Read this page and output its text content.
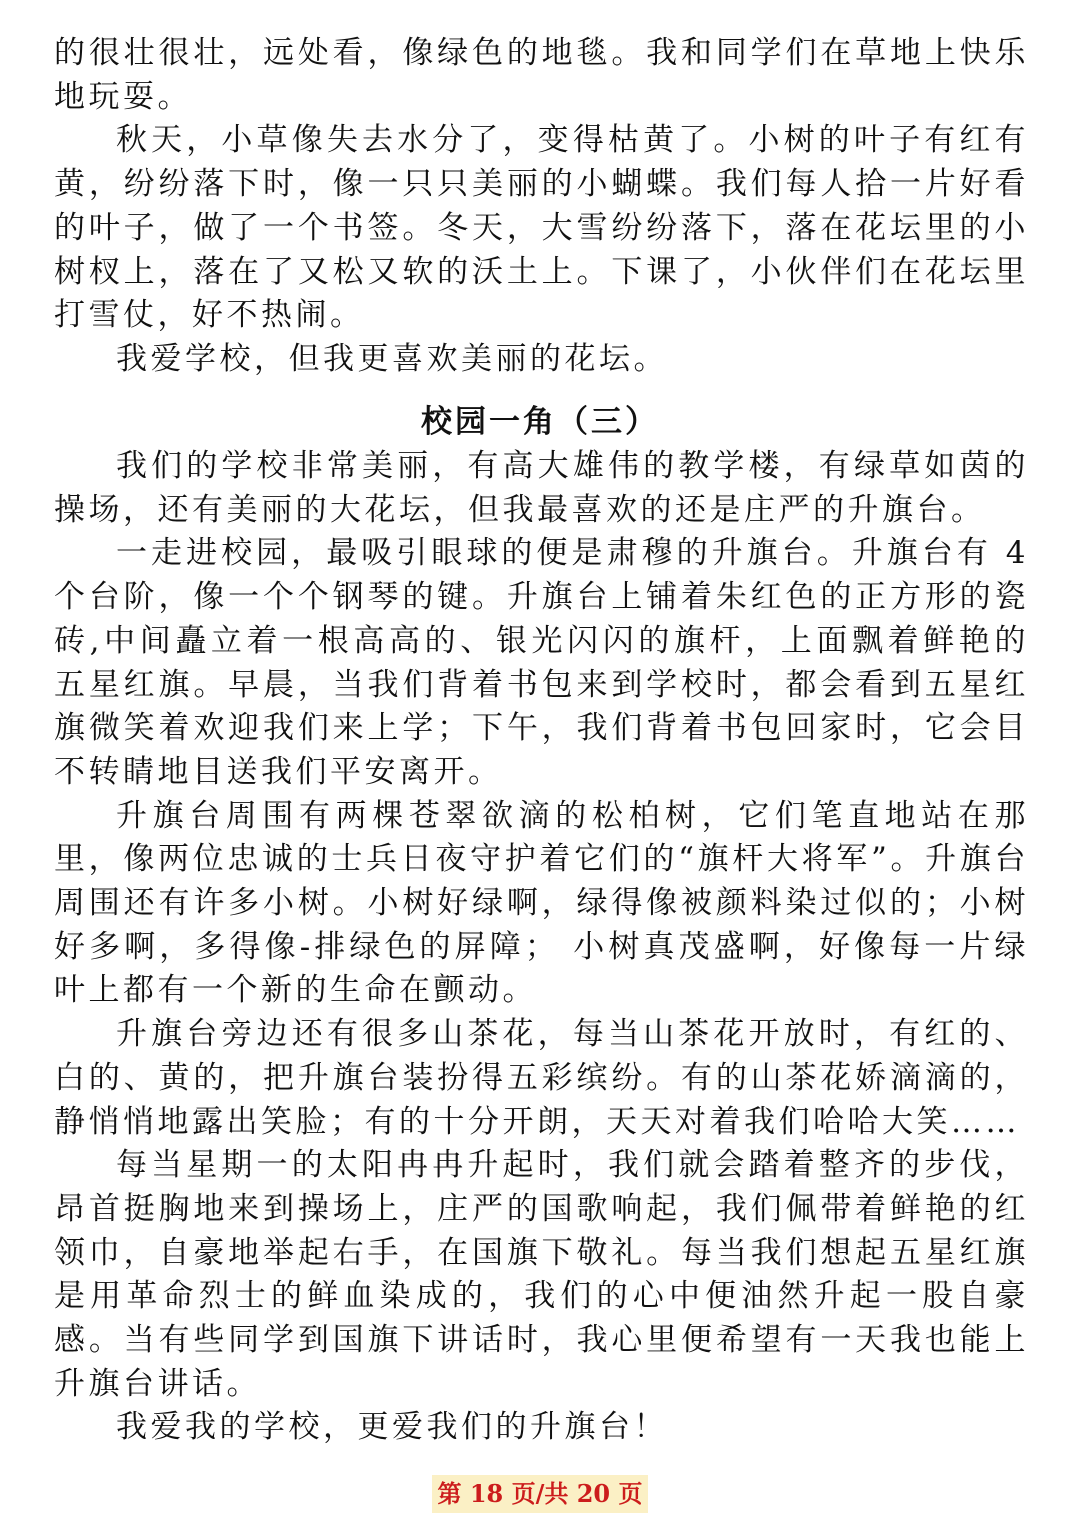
的很壮很壮，远处看，像绿色的地毯。我和同学们在草地上快乐地玩耍。

秋天，小草像失去水分了，变得枯黄了。小树的叶子有红有黄，纷纷落下时，像一只只美丽的小蝴蝶。我们每人拾一片好看的叶子，做了一个书签。冬天，大雪纷纷落下，落在花坛里的小树杈上，落在了又松又软的沃土上。下课了，小伙伴们在花坛里打雪仗，好不热闹。

我爱学校，但我更喜欢美丽的花坛。

校园一角（三）

我们的学校非常美丽，有高大雄伟的教学楼，有绿草如茵的操场，还有美丽的大花坛，但我最喜欢的还是庄严的升旗台。

一走进校园，最吸引眼球的便是肃穆的升旗台。升旗台有 4 个台阶，像一个个钢琴的键。升旗台上铺着朱红色的正方形的瓷砖,中间矗立着一根高高的、银光闪闪的旗杆，上面飘着鲜艳的五星红旗。早晨，当我们背着书包来到学校时，都会看到五星红旗微笑着欢迎我们来上学；下午，我们背着书包回家时，它会目不转睛地目送我们平安离开。

升旗台周围有两棵苍翠欲滴的松柏树，它们笔直地站在那里，像两位忠诚的士兵日夜守护着它们的“旗杆大将军”。升旗台周围还有许多小树。小树好绿啊，绿得像被颜料染过似的；小树好多啊，多得像-排绿色的屏障； 小树真茂盛啊，好像每一片绿叶上都有一个新的生命在颤动。

升旗台旁边还有很多山茶花，每当山茶花开放时，有红的、白的、黄的，把升旗台装扮得五彩缤纷。有的山茶花娇滴滴的，静悄悄地露出笑脸；有的十分开朗，天天对着我们哈哈大笑……

每当星期一的太阳冉冉升起时，我们就会踏着整齐的步伐，昂首挺胸地来到操场上，庄严的国歌响起，我们佩带着鲜艳的红领巾，自豪地举起右手，在国旗下敬礼。每当我们想起五星红旗是用革命烈士的鲜血染成的，我们的心中便油然升起一股自豪感。当有些同学到国旗下讲话时，我心里便希望有一天我也能上升旗台讲话。

我爱我的学校，更爱我们的升旗台！

第 18 页/共 20 页
